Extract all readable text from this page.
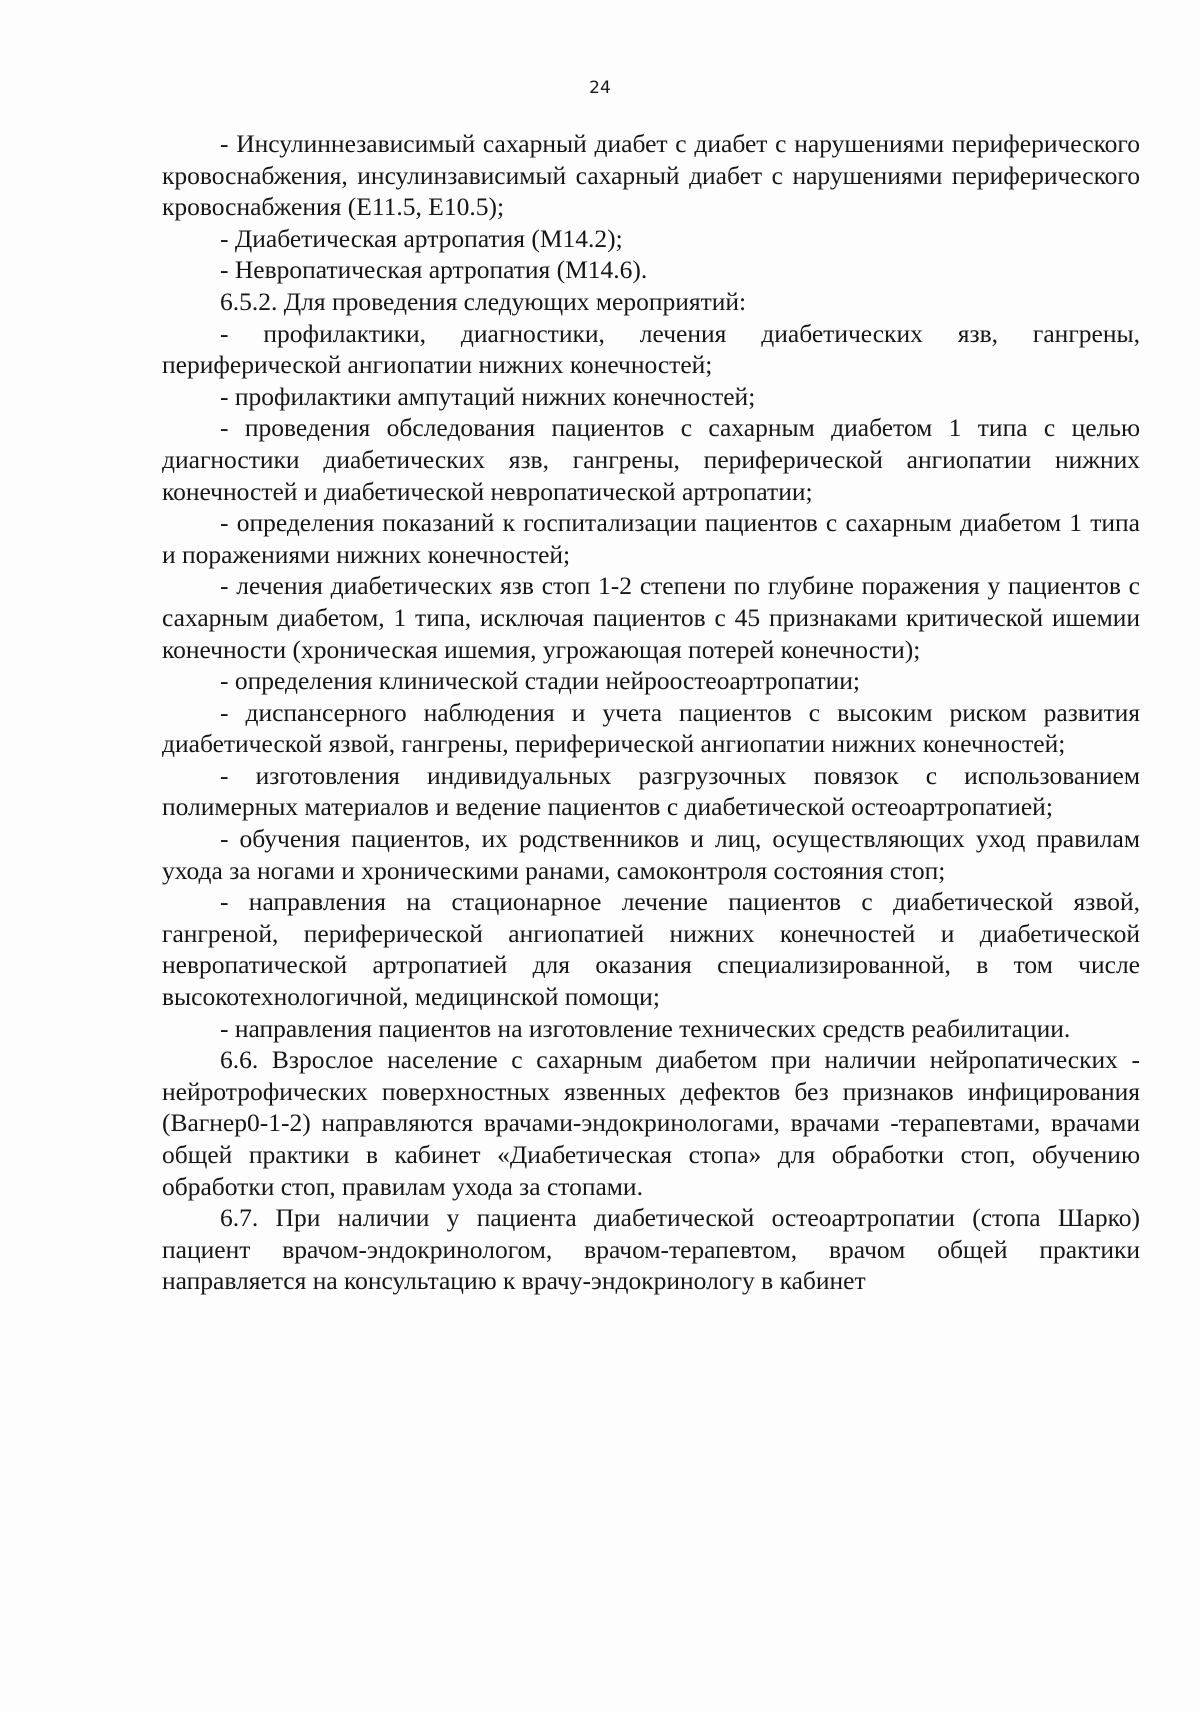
24

- Инсулиннезависимый сахарный диабет с диабет с нарушениями периферического кровоснабжения, инсулинзависимый сахарный диабет с нарушениями периферического кровоснабжения (E11.5, E10.5);

- Диабетическая артропатия (M14.2);

- Невропатическая артропатия (M14.6).

6.5.2. Для проведения следующих мероприятий:

- профилактики, диагностики, лечения диабетических язв, гангрены, периферической ангиопатии нижних конечностей;

- профилактики ампутаций нижних конечностей;

- проведения обследования пациентов с сахарным диабетом 1 типа с целью диагностики диабетических язв, гангрены, периферической ангиопатии нижних конечностей и диабетической невропатической артропатии;

- определения показаний к госпитализации пациентов с сахарным диабетом 1 типа и поражениями нижних конечностей;

- лечения диабетических язв стоп 1-2 степени по глубине поражения у пациентов с сахарным диабетом, 1 типа, исключая пациентов с 45 признаками критической ишемии конечности (хроническая ишемия, угрожающая потерей конечности);

- определения клинической стадии нейроостеоартропатии;

- диспансерного наблюдения и учета пациентов с высоким риском развития диабетической язвой, гангрены, периферической ангиопатии нижних конечностей;

- изготовления индивидуальных разгрузочных повязок с использованием полимерных материалов и ведение пациентов с диабетической остеоартропатией;

- обучения пациентов, их родственников и лиц, осуществляющих уход правилам ухода за ногами и хроническими ранами, самоконтроля состояния стоп;

- направления на стационарное лечение пациентов с диабетической язвой, гангреной, периферической ангиопатией нижних конечностей и диабетической невропатической артропатией для оказания специализированной, в том числе высокотехнологичной, медицинской помощи;

- направления пациентов на изготовление технических средств реабилитации.

6.6. Взрослое население с сахарным диабетом при наличии нейропатических - нейротрофических поверхностных язвенных дефектов без признаков инфицирования (Вагнер0-1-2) направляются врачами-эндокринологами, врачами -терапевтами, врачами общей практики в кабинет «Диабетическая стопа» для обработки стоп, обучению обработки стоп, правилам ухода за стопами.

6.7. При наличии у пациента диабетической остеоартропатии (стопа Шарко) пациент врачом-эндокринологом, врачом-терапевтом, врачом общей практики направляется на консультацию к врачу-эндокринологу в кабинет
